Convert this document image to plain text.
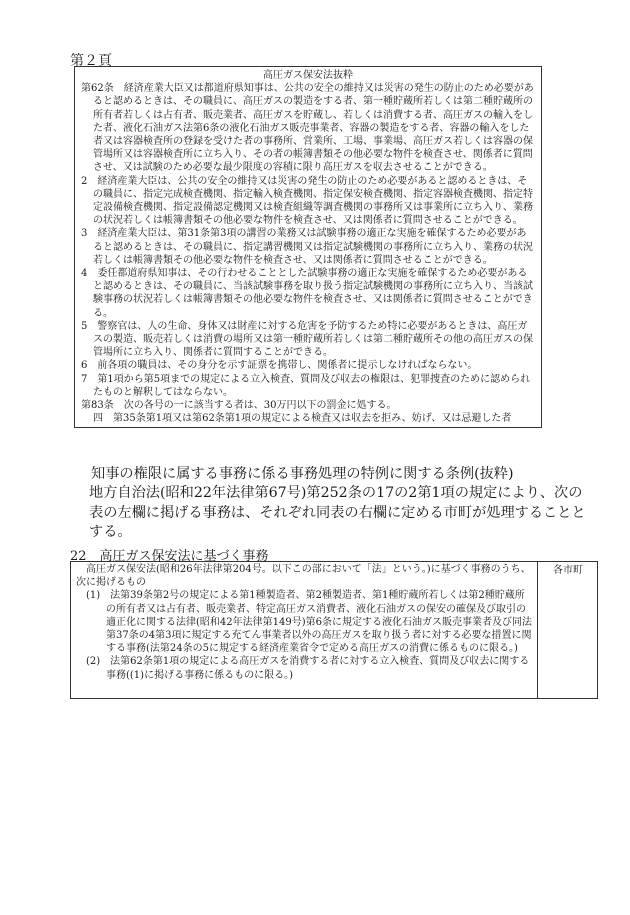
第２頁
高圧ガス保安法抜粋

第62条　経済産業大臣又は都道府県知事は、公共の安全の維持又は災害の発生の防止のため必要があると認めるときは、その職員に、高圧ガスの製造をする者、第一種貯蔵所若しくは第二種貯蔵所の所有者若しくは占有者、販売業者、高圧ガスを貯蔵し、若しくは消費する者、高圧ガスの輸入をした者、液化石油ガス法第6条の液化石油ガス販売事業者、容器の製造をする者、容器の輸入をした者又は容器検査所の登録を受けた者の事務所、営業所、工場、事業場、高圧ガス若しくは容器の保管場所又は容器検査所に立ち入り、その者の帳簿書類その他必要な物件を検査させ、関係者に質問させ、又は試験のため必要な最少限度の容積に限り高圧ガスを収去させることができる。

2　経済産業大臣は、公共の安全の維持又は災害の発生の防止のため必要があると認めるときは、その職員に、指定完成検査機関、指定輸入検査機関、指定保安検査機関、指定容器検査機関、指定特定設備検査機関、指定設備認定機関又は検査組織等調査機関の事務所又は事業所に立ち入り、業務の状況若しくは帳簿書類その他必要な物件を検査させ、又は関係者に質問させることができる。

3　経済産業大臣は、第31条第3項の講習の業務又は試験事務の適正な実施を確保するため必要があると認めるときは、その職員に、指定講習機関又は指定試験機関の事務所に立ち入り、業務の状況若しくは帳簿書類その他必要な物件を検査させ、又は関係者に質問させることができる。

4　委任都道府県知事は、その行わせることとした試験事務の適正な実施を確保するため必要があると認めるときは、その職員に、当該試験事務を取り扱う指定試験機関の事務所に立ち入り、当該試験事務の状況若しくは帳簿書類その他必要な物件を検査させ、又は関係者に質問させることができる。

5　警察官は、人の生命、身体又は財産に対する危害を予防するため特に必要があるときは、高圧ガスの製造、販売若しくは消費の場所又は第一種貯蔵所若しくは第二種貯蔵所その他の高圧ガスの保管場所に立ち入り、関係者に質問することができる。

6　前各項の職員は、その身分を示す証票を携帯し、関係者に提示しなければならない。

7　第1項から第5項までの規定による立入検査、質問及び収去の権限は、犯罪捜査のために認められたものと解釈してはならない。

第83条　次の各号の一に該当する者は、30万円以下の罰金に処する。

四　第35条第1項又は第62条第1項の規定による検査又は収去を拒み、妨げ、又は忌避した者

知事の権限に属する事務に係る事務処理の特例に関する条例(抜粋)
地方自治法(昭和22年法律第67号)第252条の17の2第1項の規定により、次の表の左欄に掲げる事務は、それぞれ同表の右欄に定める市町が処理することとする。
22　高圧ガス保安法に基づく事務

高圧ガス保安法(昭和26年法律第204号。以下この部において「法」という。)に基づく事務のうち、次に掲げるもの

(1)　法第39条第2号の規定による第1種製造者、第2種製造者、第1種貯蔵所若しくは第2種貯蔵所の所有者又は占有者、販売業者、特定高圧ガス消費者、液化石油ガスの保安の確保及び取引の適正化に関する法律(昭和42年法律第149号)第6条に規定する液化石油ガス販売事業者及び同法第37条の4第3項に規定する充てん事業者以外の高圧ガスを取り扱う者に対する必要な措置に関する事務(法第24条の5に規定する経済産業省令で定める高圧ガスの消費に係るものに限る。)

(2)　法第62条第1項の規定による高圧ガスを消費する者に対する立入検査、質問及び収去に関する事務((1)に掲げる事務に係るものに限る。)

	各市町
